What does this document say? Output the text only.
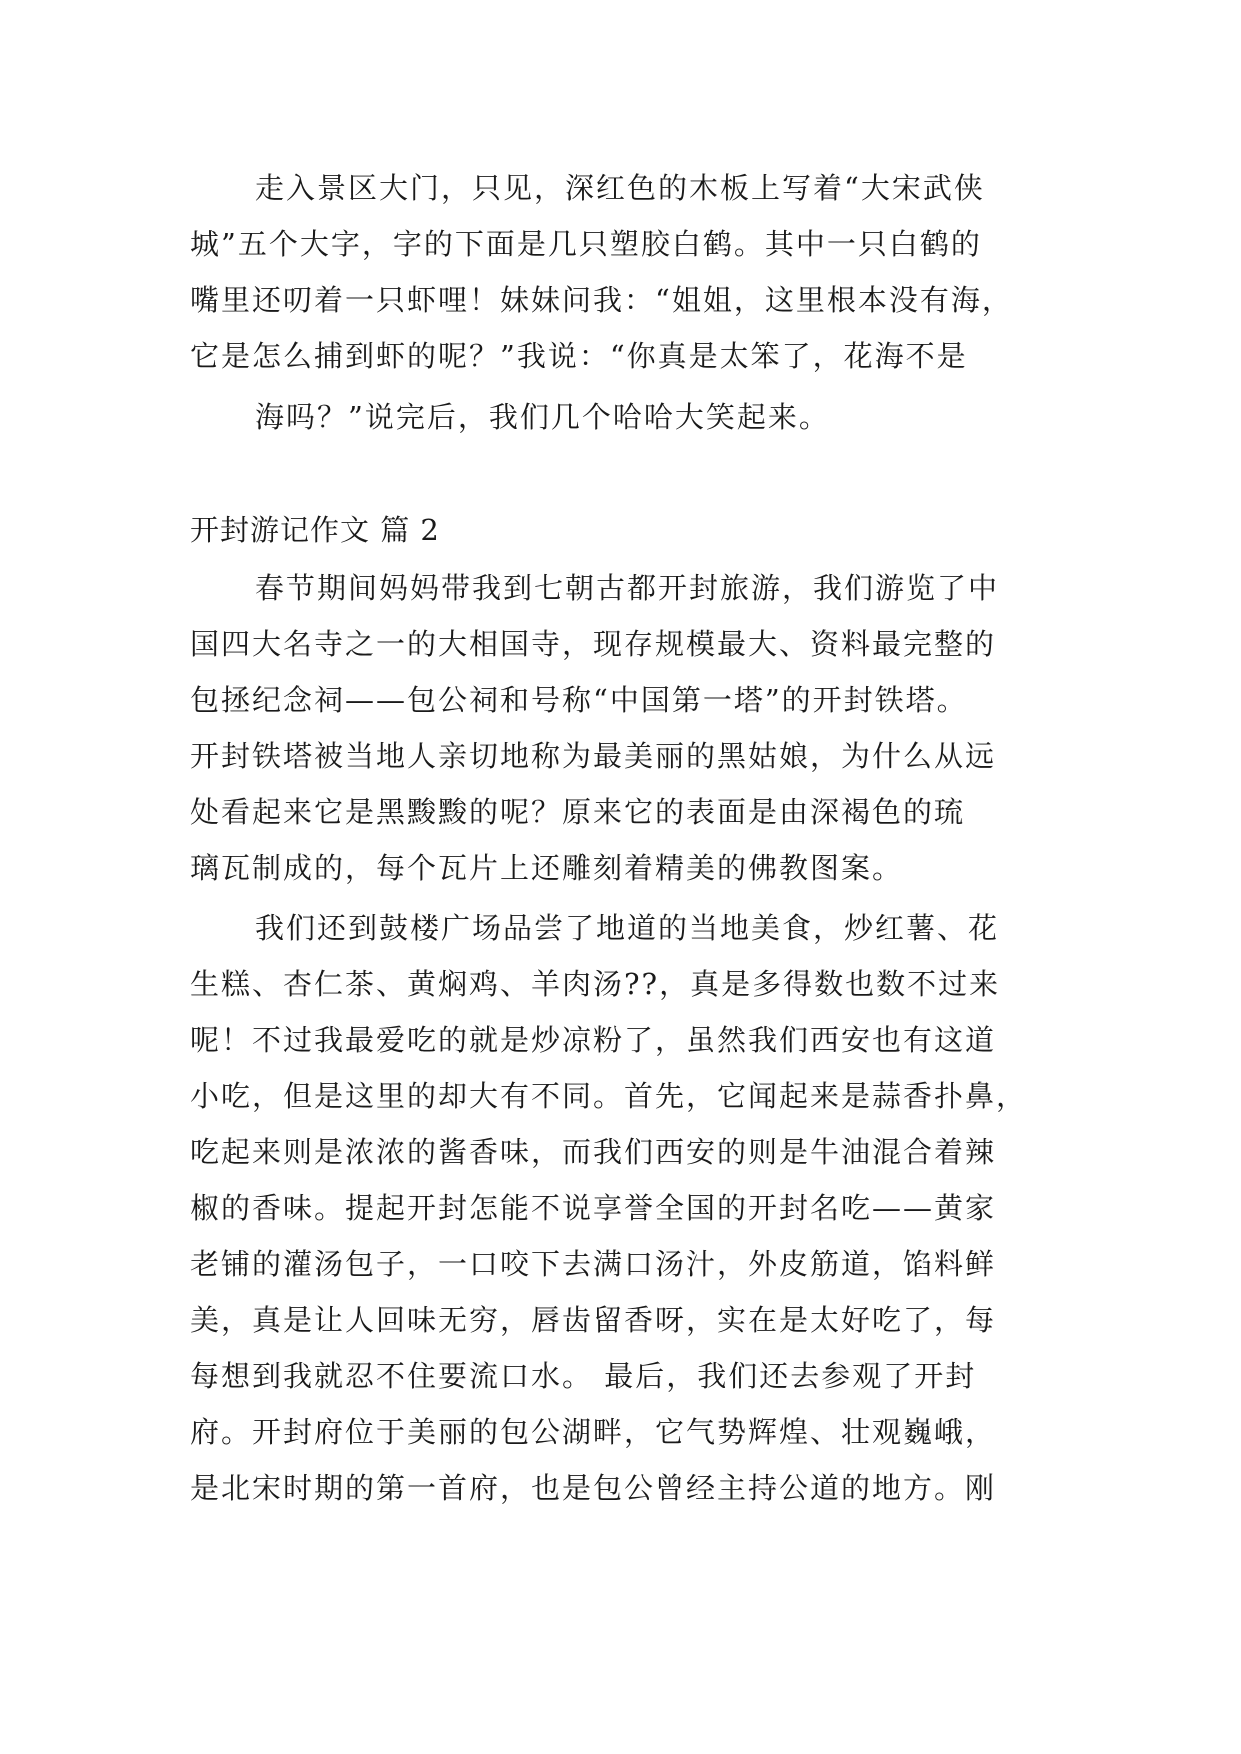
走入景区大门，只见，深红色的木板上写着“大宋武侠
城”五个大字，字的下面是几只塑胶白鹤。其中一只白鹤的
嘴里还叨着一只虾哩！妹妹问我：“姐姐，这里根本没有海，
它是怎么捕到虾的呢？”我说：“你真是太笨了，花海不是
海吗？”说完后，我们几个哈哈大笑起来。
开封游记作文 篇 2
春节期间妈妈带我到七朝古都开封旅游，我们游览了中
国四大名寺之一的大相国寺，现存规模最大、资料最完整的
包拯纪念祠——包公祠和号称“中国第一塔”的开封铁塔。
开封铁塔被当地人亲切地称为最美丽的黑姑娘，为什么从远
处看起来它是黑黢黢的呢？原来它的表面是由深褐色的琉
璃瓦制成的，每个瓦片上还雕刻着精美的佛教图案。
我们还到鼓楼广场品尝了地道的当地美食，炒红薯、花
生糕、杏仁茶、黄焖鸡、羊肉汤??，真是多得数也数不过来
呢！不过我最爱吃的就是炒凉粉了，虽然我们西安也有这道
小吃，但是这里的却大有不同。首先，它闻起来是蒜香扑鼻，
吃起来则是浓浓的酱香味，而我们西安的则是牛油混合着辣
椒的香味。提起开封怎能不说享誉全国的开封名吃——黄家
老铺的灌汤包子，一口咬下去满口汤汁，外皮筋道，馅料鲜
美，真是让人回味无穷，唇齿留香呀，实在是太好吃了，每
每想到我就忍不住要流口水。 最后，我们还去参观了开封
府。开封府位于美丽的包公湖畔，它气势辉煌、壮观巍峨，
是北宋时期的第一首府，也是包公曾经主持公道的地方。刚
